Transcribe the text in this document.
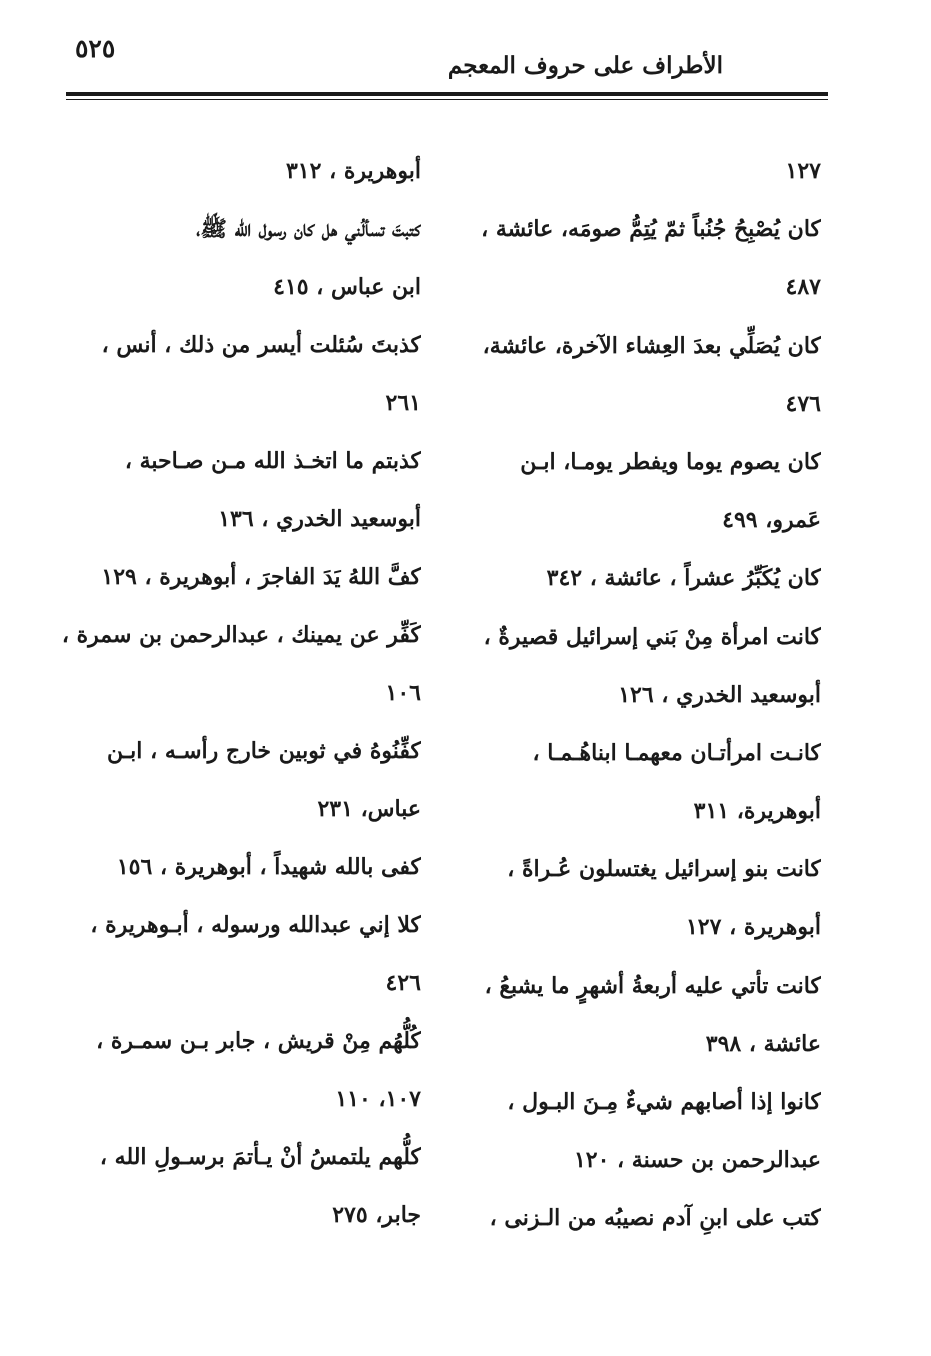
٥٢٥
الأطراف على حروف المعجم
١٢٧
كان يُصْبِحُ جُنُباً ثمّ يُتِمُّ صومَه، عائشة ،
٤٨٧
كان يُصَلِّي بعدَ العِشاء الآخرة، عائشة،
٤٧٦
كان يصوم يوما ويفطر يومـا، ابـن
عَمرو، ٤٩٩
كان يُكَبِّرُ عشراً ، عائشة ، ٣٤٢
كانت امرأة مِنْ بَني إسرائيل قصيرةٌ ،
أبوسعيد الخدري ، ١٢٦
كانـت امرأتـان معهمـا ابناهُـمـا ،
أبوهريرة، ٣١١
كانت بنو إسرائيل يغتسلون عُـراةً ،
أبوهريرة ، ١٢٧
كانت تأتي عليه أربعةُ أشهرٍ ما يشبعُ ،
عائشة ، ٣٩٨
كانوا إذا أصابهم شيءٌ مِـنَ البـول ،
عبدالرحمن بن حسنة ، ١٢٠
كتب على ابنِ آدم نصيبُه من الـزنى ،
أبوهريرة ، ٣١٢
كتبتَ تسألُني هل كان رسول الله ﷺ،
ابن عباس ، ٤١٥
كذبتَ سُئلت أيسر من ذلك ، أنس ،
٢٦١
كذبتم ما اتخـذ الله مـن صـاحبة ،
أبوسعيد الخدري ، ١٣٦
كفَّ اللهُ يَدَ الفاجرَ ، أبوهريرة ، ١٢٩
كَفِّر عن يمينك ، عبدالرحمن بن سمرة ،
١٠٦
كفِّنُوهُ في ثوبين خارج رأسـه ، ابـن
عباس، ٢٣١
كفى بالله شهيداً ، أبوهريرة ، ١٥٦
كلا إني عبدالله ورسوله ، أبـوهريرة ،
٤٢٦
كُلُّهُم مِنْ قريش ، جابر بـن سمـرة ،
١٠٧، ١١٠
كلُّهم يلتمسُ أنْ يـأتمَ برسـولِ الله ،
جابر، ٢٧٥
